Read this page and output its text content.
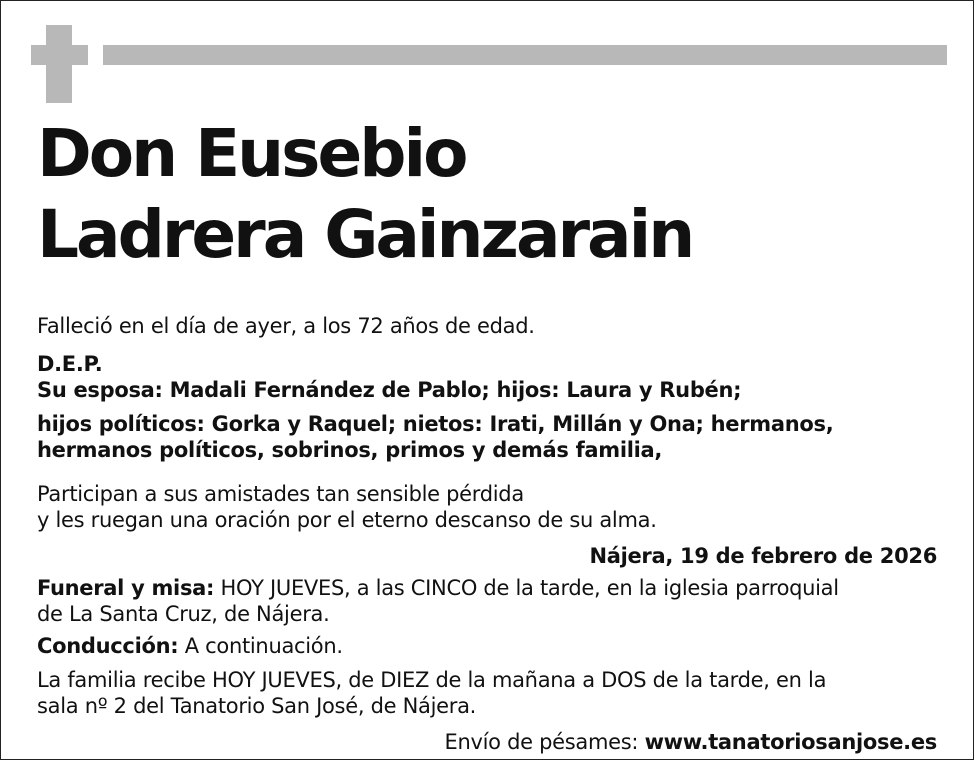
Don Eusebio
Ladrera Gainzarain

Falleció en el día de ayer, a los 72 años de edad.

D.E.P.

Su esposa: Madali Fernández de Pablo; hijos: Laura y Rubén;

hijos políticos: Gorka y Raquel; nietos: Irati, Millán y Ona; hermanos,

hermanos políticos, sobrinos, primos y demás familia,

Participan a sus amistades tan sensible pérdida

y les ruegan una oración por el eterno descanso de su alma.

Nájera, 19 de febrero de 2026

Funeral y misa: HOY JUEVES, a las CINCO de la tarde, en la iglesia parroquial

de La Santa Cruz, de Nájera.

Conducción: A continuación.

La familia recibe HOY JUEVES, de DIEZ de la mañana a DOS de la tarde, en la

sala nº 2 del Tanatorio San José, de Nájera.

Envío de pésames: www.tanatoriosanjose.es
